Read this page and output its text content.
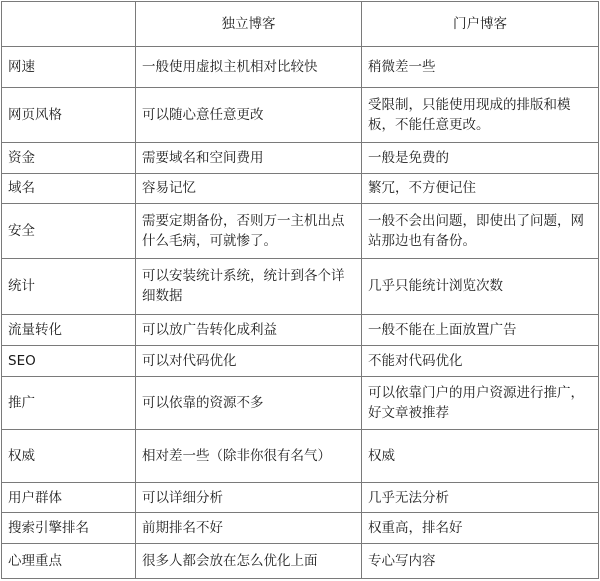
	独立博客	门户博客
网速	一般使用虚拟主机相对比较快	稍微差一些
网页风格	可以随心意任意更改	受限制，只能使用现成的排版和模板，不能任意更改。
资金	需要域名和空间费用	一般是免费的
域名	容易记忆	繁冗，不方便记住
安全	需要定期备份，否则万一主机出点什么毛病，可就惨了。	一般不会出问题，即使出了问题，网站那边也有备份。
统计	可以安装统计系统，统计到各个详细数据	几乎只能统计浏览次数
流量转化	可以放广告转化成利益	一般不能在上面放置广告
SEO	可以对代码优化	不能对代码优化
推广	可以依靠的资源不多	可以依靠门户的用户资源进行推广，好文章被推荐
权威	相对差一些（除非你很有名气）	权威
用户群体	可以详细分析	几乎无法分析
搜索引擎排名	前期排名不好	权重高，排名好
心理重点	很多人都会放在怎么优化上面	专心写内容
